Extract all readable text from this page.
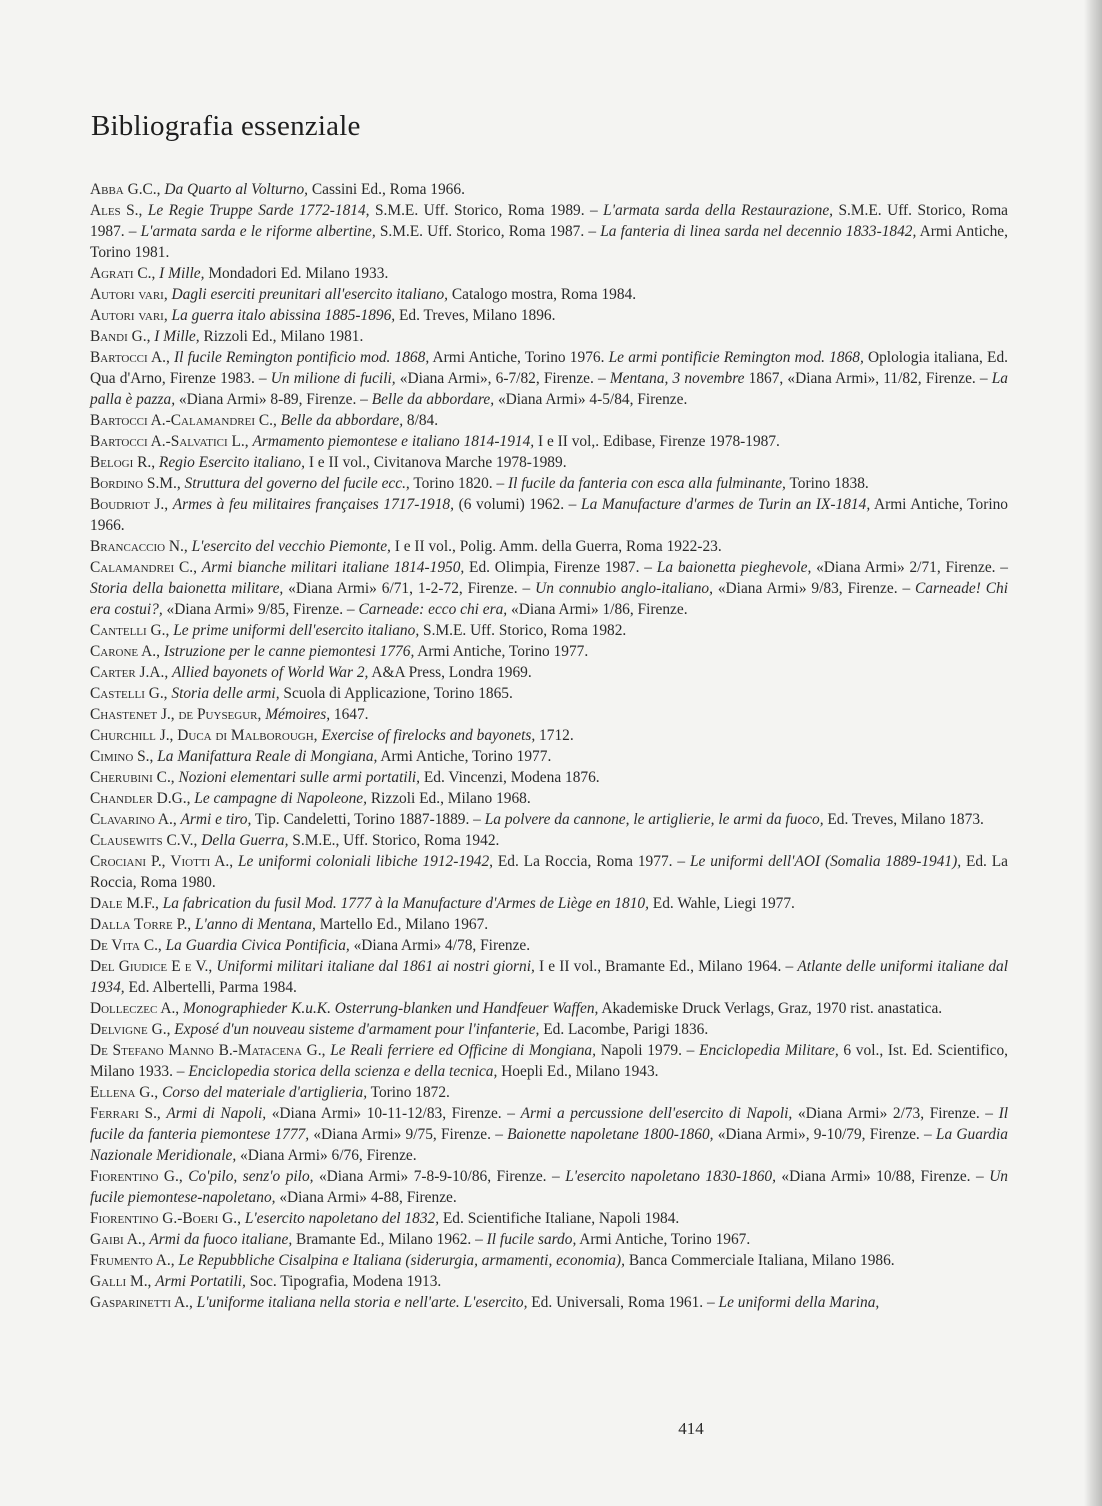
Bibliografia essenziale

Abba G.C., Da Quarto al Volturno, Cassini Ed., Roma 1966.

Ales S., Le Regie Truppe Sarde 1772-1814, S.M.E. Uff. Storico, Roma 1989. – L'armata sarda della Restaurazione, S.M.E. Uff. Storico, Roma 1987. – L'armata sarda e le riforme albertine, S.M.E. Uff. Storico, Roma 1987. – La fanteria di linea sarda nel decennio 1833-1842, Armi Antiche, Torino 1981.

Agrati C., I Mille, Mondadori Ed. Milano 1933.

Autori vari, Dagli eserciti preunitari all'esercito italiano, Catalogo mostra, Roma 1984.

Autori vari, La guerra italo abissina 1885-1896, Ed. Treves, Milano 1896.

Bandi G., I Mille, Rizzoli Ed., Milano 1981.

Bartocci A., Il fucile Remington pontificio mod. 1868, Armi Antiche, Torino 1976. Le armi pontificie Remington mod. 1868, Oplologia italiana, Ed. Qua d'Arno, Firenze 1983. – Un milione di fucili, «Diana Armi», 6-7/82, Firenze. – Mentana, 3 novembre 1867, «Diana Armi», 11/82, Firenze. – La palla è pazza, «Diana Armi» 8-89, Firenze. – Belle da abbordare, «Diana Armi» 4-5/84, Firenze.

Bartocci A.-Calamandrei C., Belle da abbordare, 8/84.

Bartocci A.-Salvatici L., Armamento piemontese e italiano 1814-1914, I e II vol,. Edibase, Firenze 1978-1987.

Belogi R., Regio Esercito italiano, I e II vol., Civitanova Marche 1978-1989.

Bordino S.M., Struttura del governo del fucile ecc., Torino 1820. – Il fucile da fanteria con esca alla fulminante, Torino 1838.

Boudriot J., Armes à feu militaires françaises 1717-1918, (6 volumi) 1962. – La Manufacture d'armes de Turin an IX-1814, Armi Antiche, Torino 1966.

Brancaccio N., L'esercito del vecchio Piemonte, I e II vol., Polig. Amm. della Guerra, Roma 1922-23.

Calamandrei C., Armi bianche militari italiane 1814-1950, Ed. Olimpia, Firenze 1987. – La baionetta pieghevole, «Diana Armi» 2/71, Firenze. – Storia della baionetta militare, «Diana Armi» 6/71, 1-2-72, Firenze. – Un connubio anglo-italiano, «Diana Armi» 9/83, Firenze. – Carneade! Chi era costui?, «Diana Armi» 9/85, Firenze. – Carneade: ecco chi era, «Diana Armi» 1/86, Firenze.

Cantelli G., Le prime uniformi dell'esercito italiano, S.M.E. Uff. Storico, Roma 1982.

Carone A., Istruzione per le canne piemontesi 1776, Armi Antiche, Torino 1977.

Carter J.A., Allied bayonets of World War 2, A&A Press, Londra 1969.

Castelli G., Storia delle armi, Scuola di Applicazione, Torino 1865.

Chastenet J., de Puysegur, Mémoires, 1647.

Churchill J., Duca di Malborough, Exercise of firelocks and bayonets, 1712.

Cimino S., La Manifattura Reale di Mongiana, Armi Antiche, Torino 1977.

Cherubini C., Nozioni elementari sulle armi portatili, Ed. Vincenzi, Modena 1876.

Chandler D.G., Le campagne di Napoleone, Rizzoli Ed., Milano 1968.

Clavarino A., Armi e tiro, Tip. Candeletti, Torino 1887-1889. – La polvere da cannone, le artiglierie, le armi da fuoco, Ed. Treves, Milano 1873.

Clausewits C.V., Della Guerra, S.M.E., Uff. Storico, Roma 1942.

Crociani P., Viotti A., Le uniformi coloniali libiche 1912-1942, Ed. La Roccia, Roma 1977. – Le uniformi dell'AOI (Somalia 1889-1941), Ed. La Roccia, Roma 1980.

Dale M.F., La fabrication du fusil Mod. 1777 à la Manufacture d'Armes de Liège en 1810, Ed. Wahle, Liegi 1977.

Dalla Torre P., L'anno di Mentana, Martello Ed., Milano 1967.

De Vita C., La Guardia Civica Pontificia, «Diana Armi» 4/78, Firenze.

Del Giudice E e V., Uniformi militari italiane dal 1861 ai nostri giorni, I e II vol., Bramante Ed., Milano 1964. – Atlante delle uniformi italiane dal 1934, Ed. Albertelli, Parma 1984.

Dolleczec A., Monographieder K.u.K. Osterrung-blanken und Handfeuer Waffen, Akademiske Druck Verlags, Graz, 1970 rist. anastatica.

Delvigne G., Exposé d'un nouveau sisteme d'armament pour l'infanterie, Ed. Lacombe, Parigi 1836.

De Stefano Manno B.-Matacena G., Le Reali ferriere ed Officine di Mongiana, Napoli 1979. – Enciclopedia Militare, 6 vol., Ist. Ed. Scientifico, Milano 1933. – Enciclopedia storica della scienza e della tecnica, Hoepli Ed., Milano 1943.

Ellena G., Corso del materiale d'artiglieria, Torino 1872.

Ferrari S., Armi di Napoli, «Diana Armi» 10-11-12/83, Firenze. – Armi a percussione dell'esercito di Napoli, «Diana Armi» 2/73, Firenze. – Il fucile da fanteria piemontese 1777, «Diana Armi» 9/75, Firenze. – Baionette napoletane 1800-1860, «Diana Armi», 9-10/79, Firenze. – La Guardia Nazionale Meridionale, «Diana Armi» 6/76, Firenze.

Fiorentino G., Co'pilo, senz'o pilo, «Diana Armi» 7-8-9-10/86, Firenze. – L'esercito napoletano 1830-1860, «Diana Armi» 10/88, Firenze. – Un fucile piemontese-napoletano, «Diana Armi» 4-88, Firenze.

Fiorentino G.-Boeri G., L'esercito napoletano del 1832, Ed. Scientifiche Italiane, Napoli 1984.

Gaibi A., Armi da fuoco italiane, Bramante Ed., Milano 1962. – Il fucile sardo, Armi Antiche, Torino 1967.

Frumento A., Le Repubbliche Cisalpina e Italiana (siderurgia, armamenti, economia), Banca Commerciale Italiana, Milano 1986.

Galli M., Armi Portatili, Soc. Tipografia, Modena 1913.

Gasparinetti A., L'uniforme italiana nella storia e nell'arte. L'esercito, Ed. Universali, Roma 1961. – Le uniformi della Marina,

414
